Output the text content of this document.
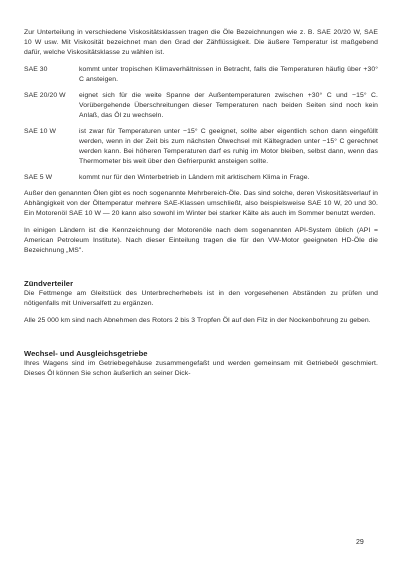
Zur Unterteilung in verschiedene Viskositätsklassen tragen die Öle Bezeichnungen wie z. B. SAE 20/20 W, SAE 10 W usw. Mit Viskosität bezeichnet man den Grad der Zähflüssigkeit. Die äußere Temperatur ist maßgebend dafür, welche Viskositätsklasse zu wählen ist.

SAE 30	kommt unter tropischen Klimaverhältnissen in Betracht, falls die Temperaturen häufig über +30° C ansteigen.
SAE 20/20 W	eignet sich für die weite Spanne der Außentemperaturen zwischen +30° C und −15° C. Vorübergehende Überschreitungen dieser Temperaturen nach beiden Seiten sind noch kein Anlaß, das Öl zu wechseln.
SAE 10 W	ist zwar für Temperaturen unter −15° C geeignet, sollte aber eigentlich schon dann eingefüllt werden, wenn in der Zeit bis zum nächsten Ölwechsel mit Kältegraden unter −15° C gerechnet werden kann. Bei höheren Temperaturen darf es ruhig im Motor bleiben, selbst dann, wenn das Thermometer bis weit über den Gefrierpunkt ansteigen sollte.
SAE 5 W	kommt nur für den Winterbetrieb in Ländern mit arktischem Klima in Frage.

Außer den genannten Ölen gibt es noch sogenannte Mehrbereich-Öle. Das sind solche, deren Viskositätsverlauf in Abhängigkeit von der Öltemperatur mehrere SAE-Klassen umschließt, also beispielsweise SAE 10 W, 20 und 30. Ein Motorenöl SAE 10 W — 20 kann also sowohl im Winter bei starker Kälte als auch im Sommer benutzt werden.

In einigen Ländern ist die Kennzeichnung der Motorenöle nach dem sogenannten API-System üblich (API = American Petroleum Institute). Nach dieser Einteilung tragen die für den VW-Motor geeigneten HD-Öle die Bezeichnung „MS".

Zündverteiler

Die Fettmenge am Gleitstück des Unterbrecherhebels ist in den vorgesehenen Abständen zu prüfen und nötigenfalls mit Universalfett zu ergänzen.

Alle 25 000 km sind nach Abnehmen des Rotors 2 bis 3 Tropfen Öl auf den Filz in der Nockenbohrung zu geben.

Wechsel- und Ausgleichsgetriebe

Ihres Wagens sind im Getriebegehäuse zusammengefaßt und werden gemeinsam mit Getriebeöl geschmiert. Dieses Öl können Sie schon äußerlich an seiner Dick-

29
